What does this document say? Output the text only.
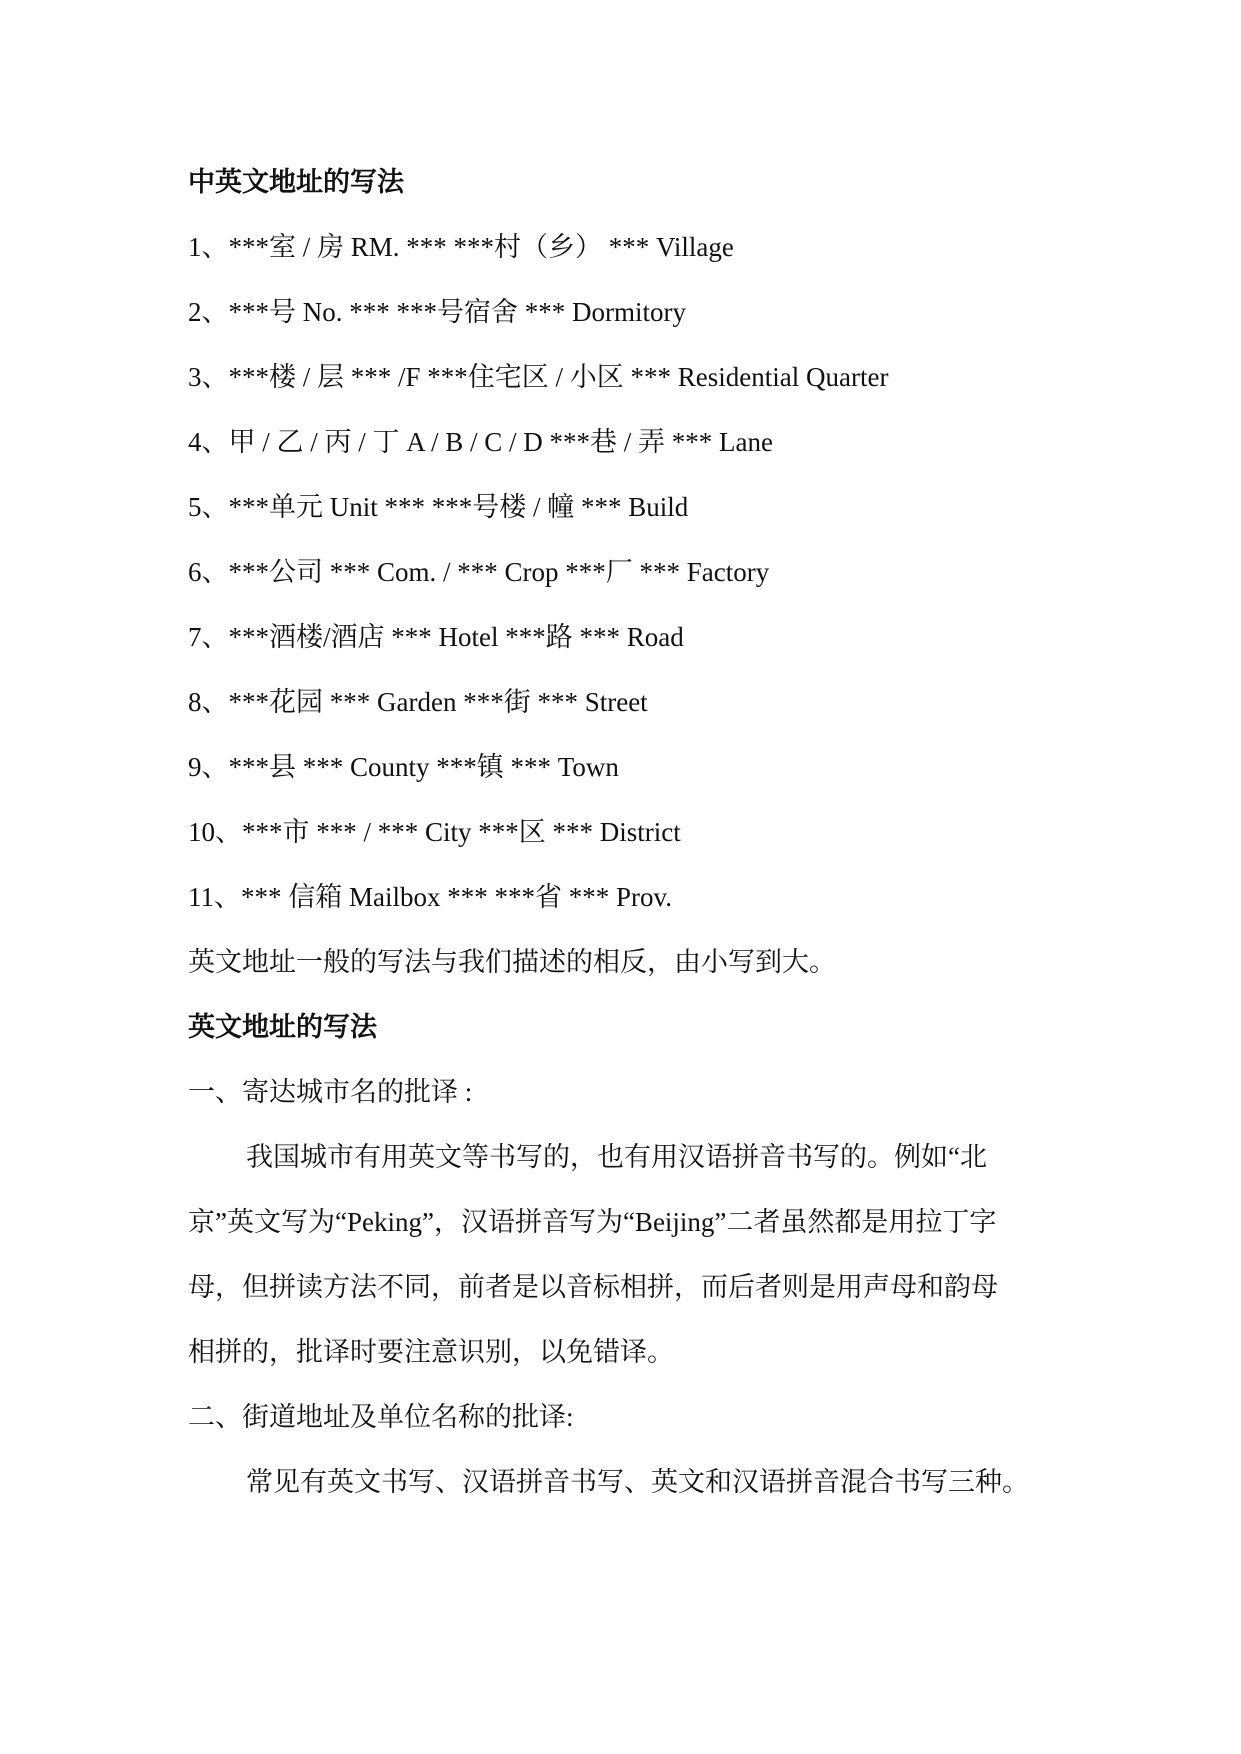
中英文地址的写法
1、***室 / 房 RM. *** ***村（乡） *** Village
2、***号 No. *** ***号宿舍 *** Dormitory
3、***楼 / 层 *** /F ***住宅区 / 小区 *** Residential Quarter
4、甲 / 乙 / 丙 / 丁 A / B / C / D ***巷 / 弄 *** Lane
5、***单元 Unit *** ***号楼 / 幢 *** Build
6、***公司 *** Com. / *** Crop ***厂 *** Factory
7、***酒楼/酒店 *** Hotel ***路 *** Road
8、***花园 *** Garden ***街 *** Street
9、***县 *** County ***镇 *** Town
10、***市 *** / *** City ***区 *** District
11、*** 信箱 Mailbox *** ***省 *** Prov.
英文地址一般的写法与我们描述的相反，由小写到大。
英文地址的写法
一、寄达城市名的批译 :
我国城市有用英文等书写的，也有用汉语拼音书写的。例如“北
京”英文写为“Peking”，汉语拼音写为“Beijing”二者虽然都是用拉丁字
母，但拼读方法不同，前者是以音标相拼，而后者则是用声母和韵母
相拼的，批译时要注意识别，以免错译。
二、街道地址及单位名称的批译:
常见有英文书写、汉语拼音书写、英文和汉语拼音混合书写三种。
